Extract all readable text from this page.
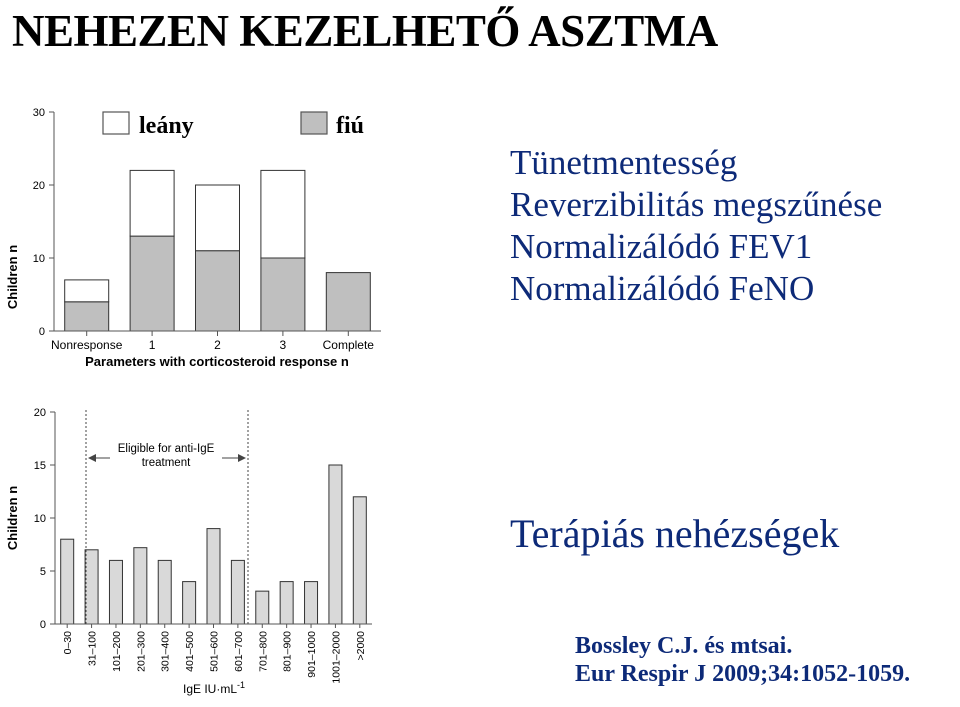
NEHEZEN KEZELHETŐ ASZTMA
0
10
20
30
Nonresponse 1	2	3	Complete
Children n
Parameters with corticosteroid response n
leány	fiú
Tünetmentesség
Reverzibilitás megszűnése
Normalizálódó FEV1
Normalizálódó FeNO
0
5
10
15
20
0–30 31–100 101–200 201–300 301–400 401–500 501–600 601–700 701–800 801–900 901–1000 1001–2000 >2000
Eligible for anti-IgE
treatment
Children n
IgE $IU\cdot mL^{-1}$
Terápiás nehézségek
Bossley C.J. és mtsai.
Eur Respir J 2009;34:1052-1059.
